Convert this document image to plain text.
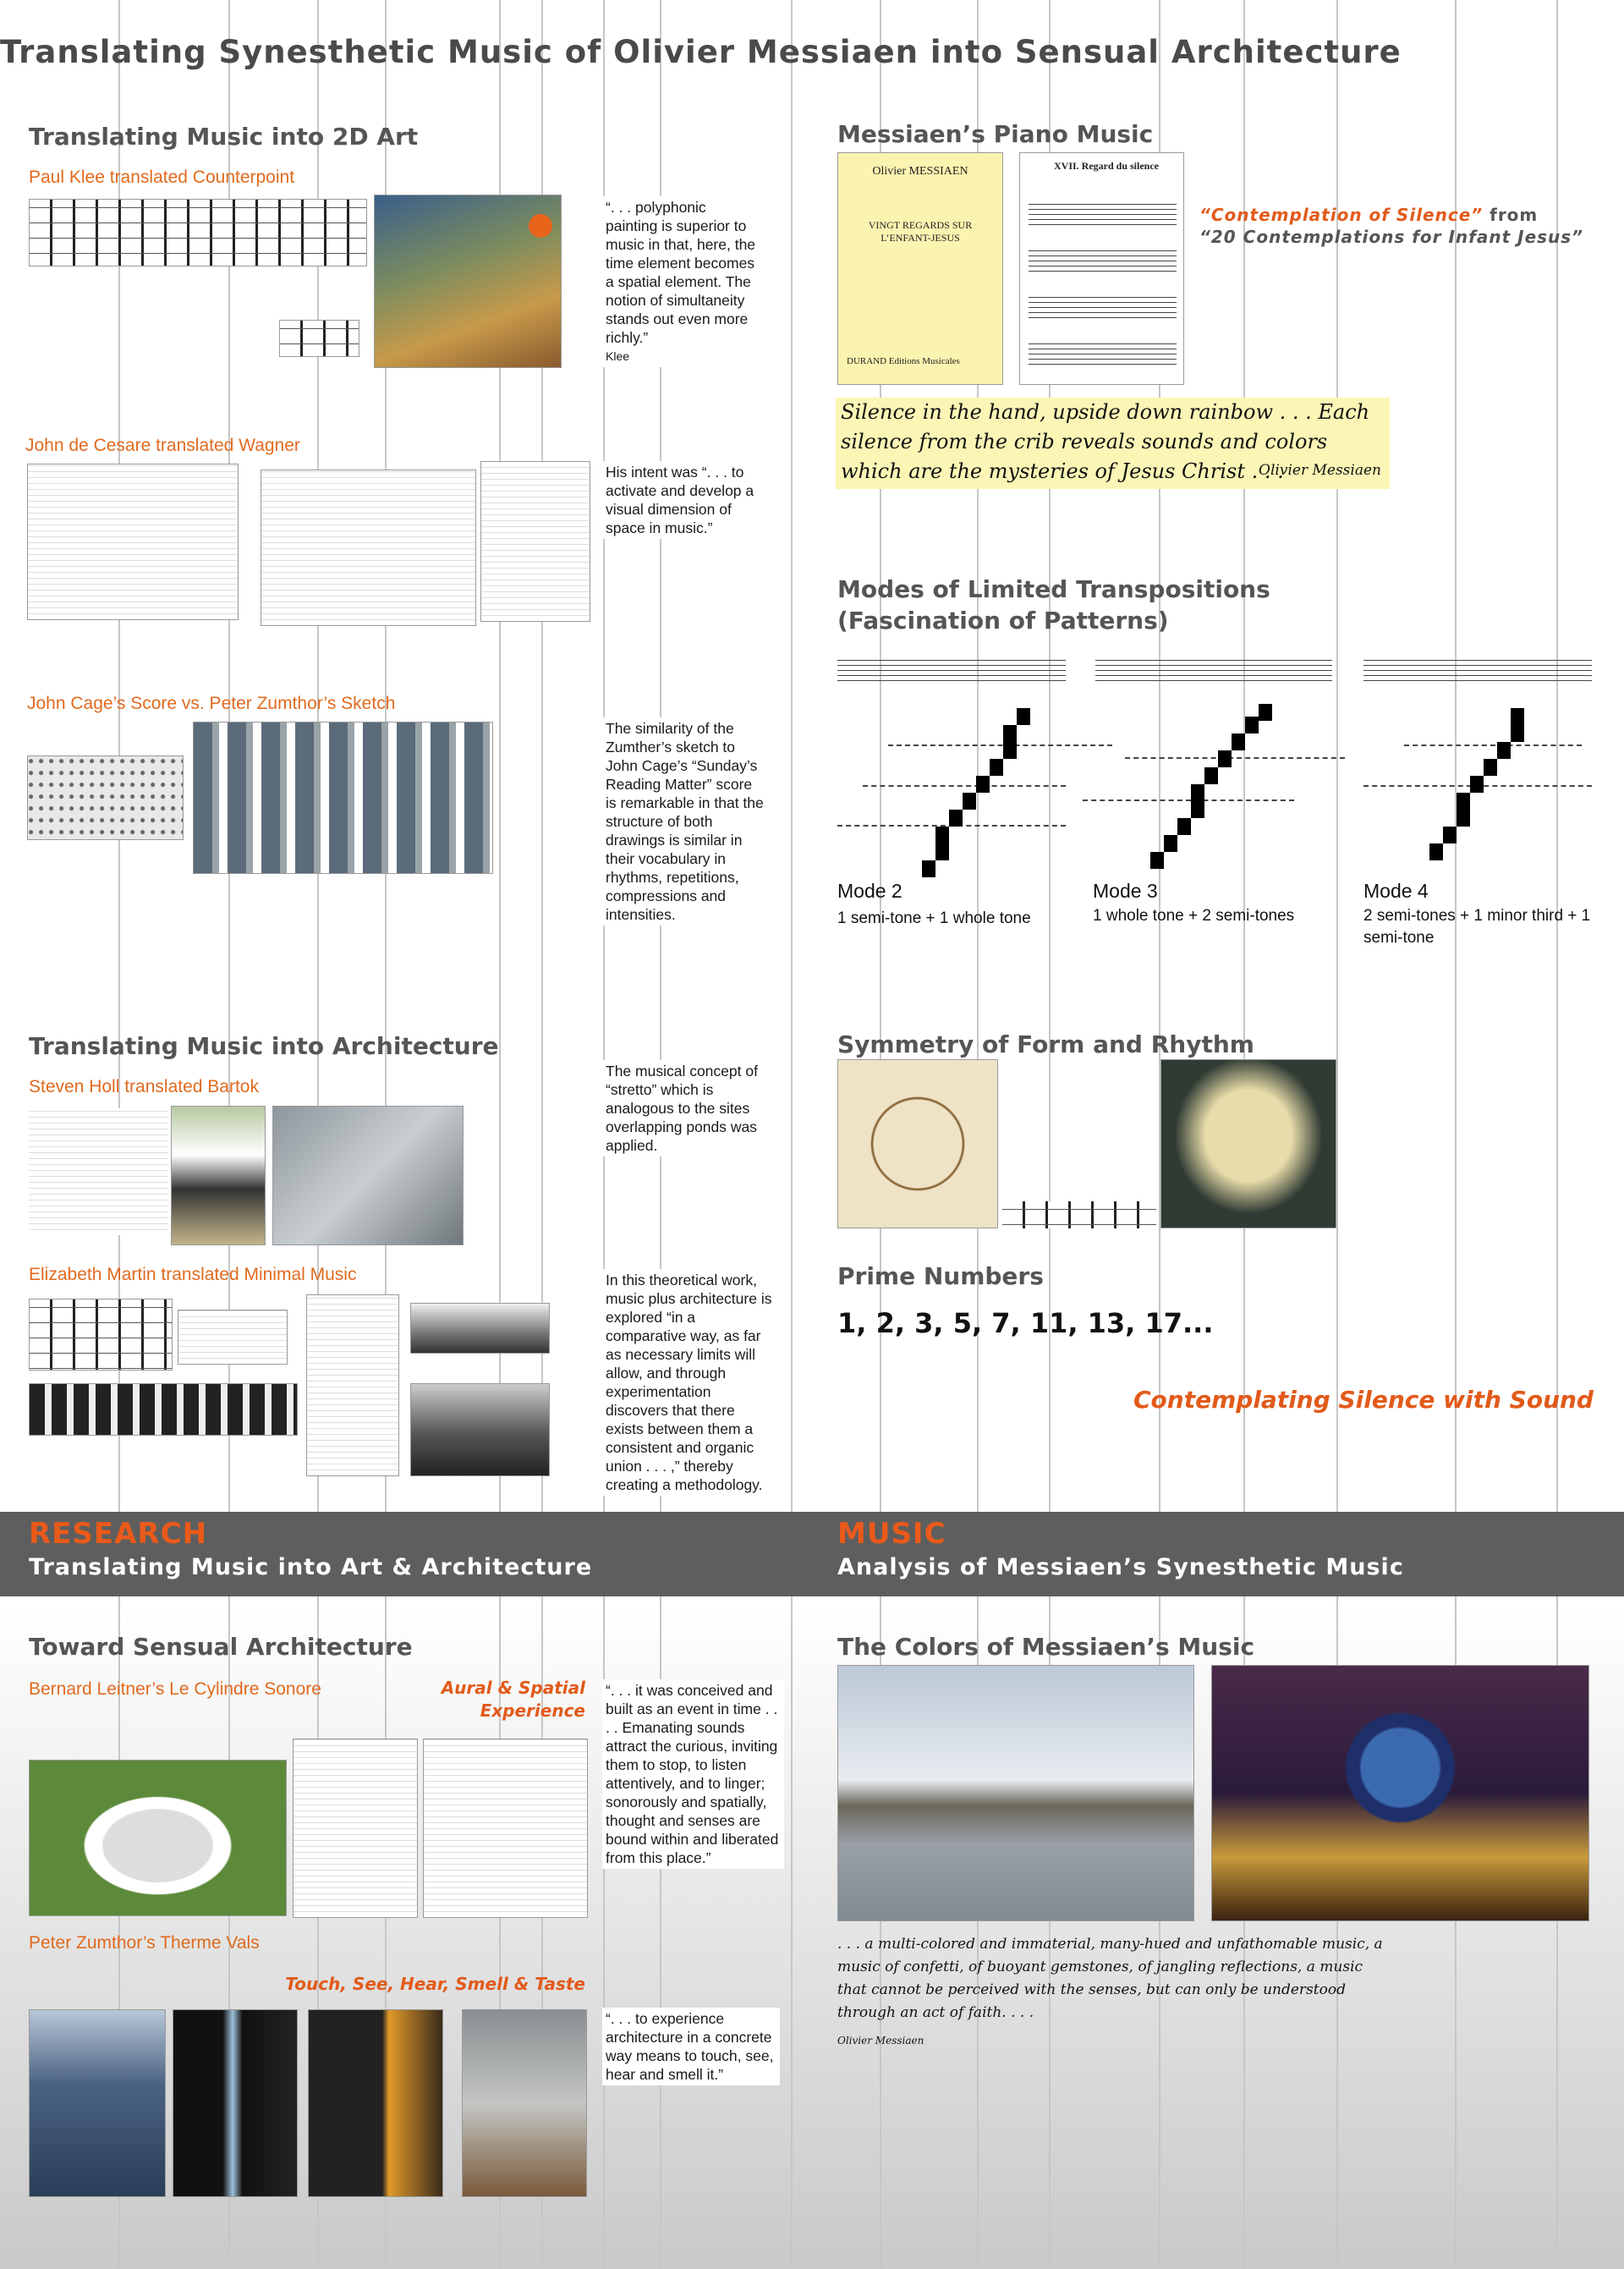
Translating Synesthetic Music of Olivier Messiaen into Sensual Architecture
Translating Music into 2D Art
Paul Klee translated Counterpoint
“. . . polyphonic painting is superior to music in that, here, the time element becomes a spatial element. The notion of simultaneity stands out even more richly.”
Klee
John de Cesare translated Wagner
His intent was “. . . to activate and develop a visual dimension of space in music.”
John Cage’s Score vs. Peter Zumthor’s Sketch
The similarity of the Zumther’s sketch to John Cage’s “Sunday’s Reading Matter” score is remarkable in that the structure of both drawings is similar in their vocabulary in rhythms, repetitions, compressions and intensities.
Translating Music into Architecture
Steven Holl translated Bartok
The musical concept of “stretto” which is analogous to the sites overlapping ponds was applied.
Elizabeth Martin translated Minimal Music	In this theoretical work, music plus architecture is explored “in a comparative way, as far as necessary limits will allow, and through experimentation discovers that there exists between them a consistent and organic union . . . ,” thereby creating a methodology.
RESEARCH
Translating Music into Art & Architecture
MUSIC
Analysis of Messiaen’s Synesthetic Music
Toward Sensual Architecture
Bernard Leitner’s Le Cylindre Sonore	Aural & Spatial Experience
“. . . it was conceived and built as an event in time . . . . Emanating sounds attract the curious, inviting them to stop, to listen attentively, and to linger; sonorously and spatially, thought and senses are bound within and liberated from this place.”
Peter Zumthor’s Therme Vals
Touch, See, Hear, Smell & Taste
“. . . to experience architecture in a concrete way means to touch, see, hear and smell it.”
Messiaen’s Piano Music
Olivier MESSIAEN
VINGT REGARDS SUR L’ENFANT-JESUS
DURAND Editions Musicales
XVII. Regard du silence
“Contemplation of Silence” from
“20 Contemplations for Infant Jesus”
Silence in the hand, upside down rainbow . . . Each silence from the crib reveals sounds and colors which are the mysteries of Jesus Christ . . .
Olivier Messiaen
Modes of Limited Transpositions
(Fascination of Patterns)
Mode 2
1 semi-tone + 1 whole tone
Mode 3
1 whole tone + 2 semi-tones
Mode 4
2 semi-tones + 1 minor third + 1 semi-tone
Symmetry of Form and Rhythm
Prime Numbers
1, 2, 3, 5, 7, 11, 13, 17...
Contemplating Silence with Sound
The Colors of Messiaen’s Music
. . . a multi-colored and immaterial, many-hued and unfathomable music, a music of confetti, of buoyant gemstones, of jangling reflections, a music that cannot be perceived with the senses, but can only be understood through an act of faith. . . .
Olivier Messiaen
